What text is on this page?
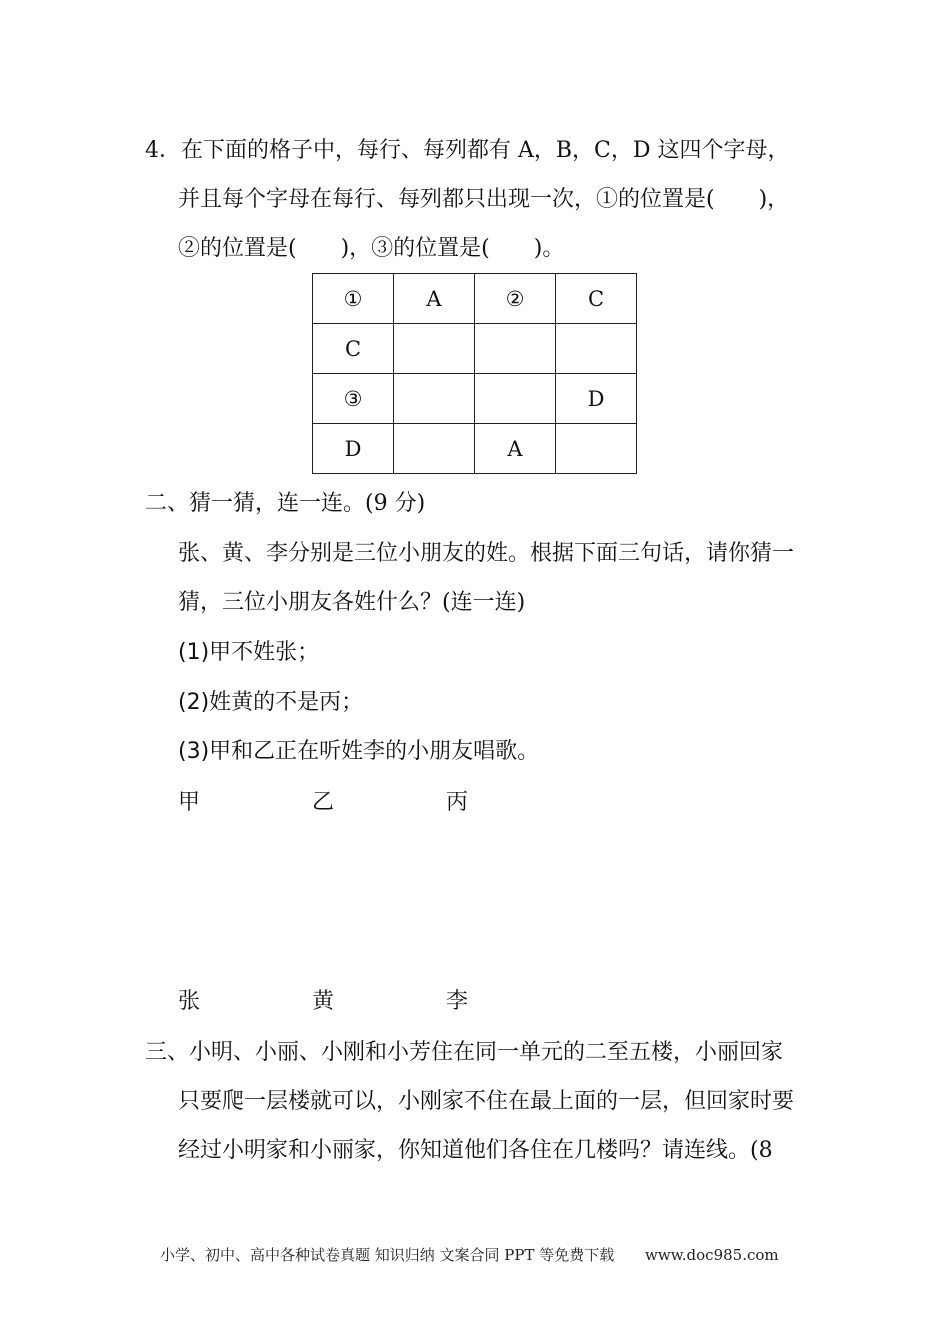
4．在下面的格子中，每行、每列都有 A，B，C，D 这四个字母，
并且每个字母在每行、每列都只出现一次，①的位置是(　　)，
②的位置是(　　)，③的位置是(　　)。
①	A	②	C
C			
③			D
D		A	
二、猜一猜，连一连。(9 分)
张、黄、李分别是三位小朋友的姓。根据下面三句话，请你猜一
猜，三位小朋友各姓什么？(连一连)
(1)甲不姓张；
(2)姓黄的不是丙；
(3)甲和乙正在听姓李的小朋友唱歌。
甲	乙	丙
张	黄	李
三、小明、小丽、小刚和小芳住在同一单元的二至五楼，小丽回家
只要爬一层楼就可以，小刚家不住在最上面的一层，但回家时要
经过小明家和小丽家，你知道他们各住在几楼吗？请连线。(8
小学、初中、高中各种试卷真题 知识归纳 文案合同 PPT 等免费下载 www.doc985.com
